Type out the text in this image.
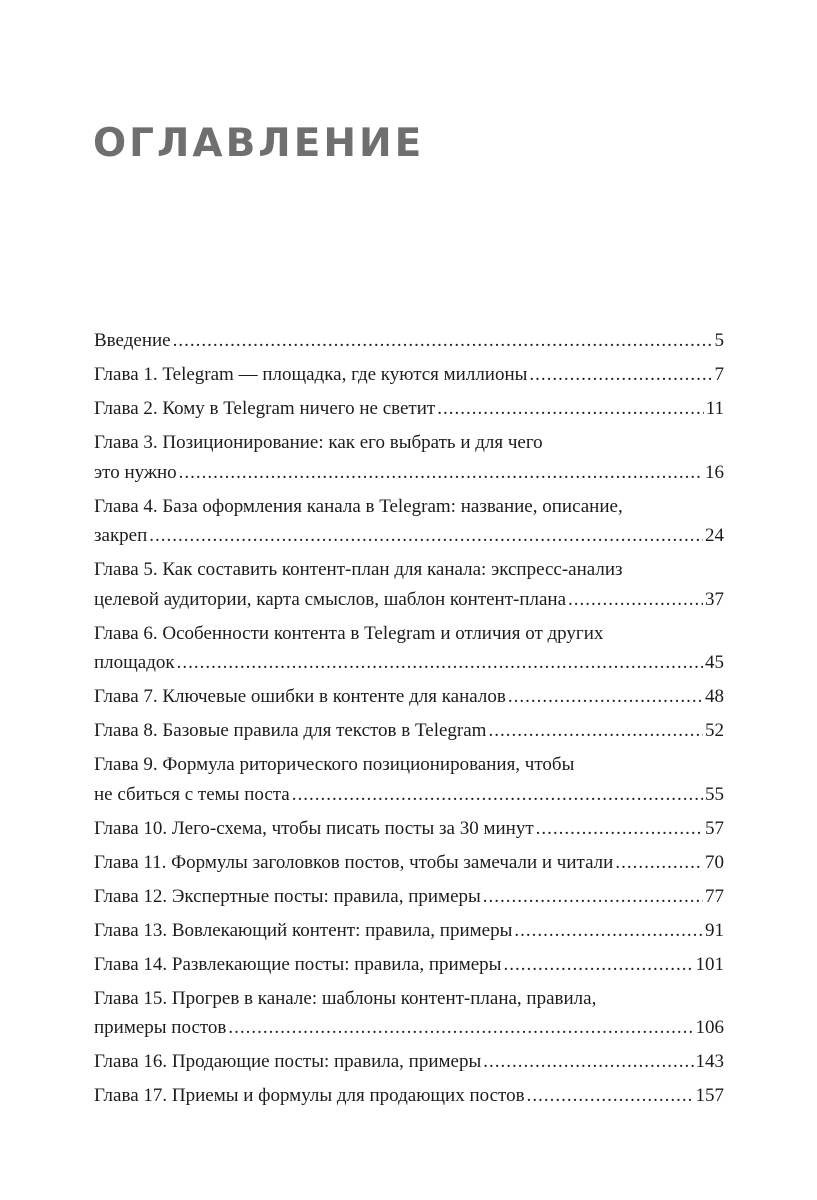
ОГЛАВЛЕНИЕ
Введение .....	5
Глава 1. Telegram — площадка, где куются миллионы .....	7
Глава 2. Кому в Telegram ничего не светит .....	11
Глава 3. Позиционирование: как его выбрать и для чего
это нужно .....	16
Глава 4. База оформления канала в Telegram: название, описание,
закреп .....	24
Глава 5. Как составить контент-план для канала: экспресс-анализ
целевой аудитории, карта смыслов, шаблон контент-плана .....	37
Глава 6. Особенности контента в Telegram и отличия от других
площадок .....	45
Глава 7. Ключевые ошибки в контенте для каналов .....	48
Глава 8. Базовые правила для текстов в Telegram .....	52
Глава 9. Формула риторического позиционирования, чтобы
не сбиться с темы поста .....	55
Глава 10. Лего-схема, чтобы писать посты за 30 минут .....	57
Глава 11. Формулы заголовков постов, чтобы замечали и читали .....	70
Глава 12. Экспертные посты: правила, примеры .....	77
Глава 13. Вовлекающий контент: правила, примеры .....	91
Глава 14. Развлекающие посты: правила, примеры .....	101
Глава 15. Прогрев в канале: шаблоны контент-плана, правила,
примеры постов .....	106
Глава 16. Продающие посты: правила, примеры .....	143
Глава 17. Приемы и формулы для продающих постов .....	157
